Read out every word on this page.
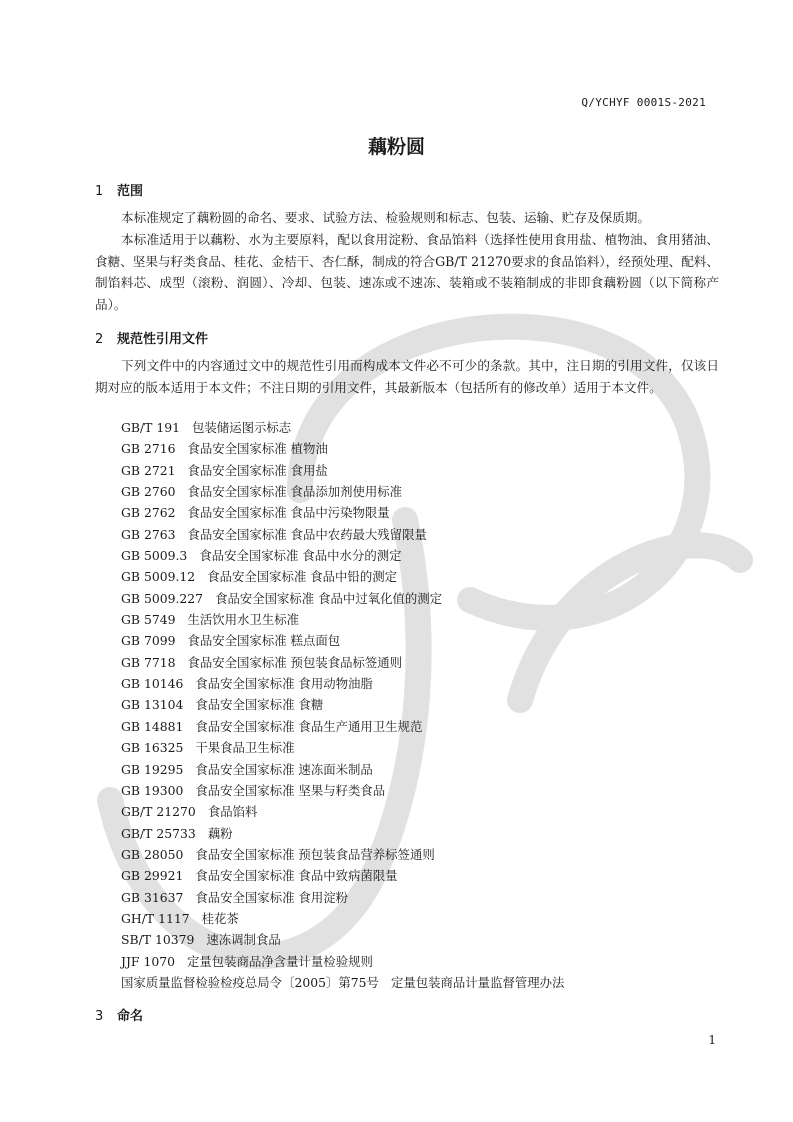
Q/YCHYF 0001S-2021
藕粉圆
1 范围
本标准规定了藕粉圆的命名、要求、试验方法、检验规则和标志、包装、运输、贮存及保质期。
本标准适用于以藕粉、水为主要原料，配以食用淀粉、食品馅料（选择性使用食用盐、植物油、食用猪油、食糖、坚果与籽类食品、桂花、金桔干、杏仁酥，制成的符合GB/T 21270要求的食品馅料），经预处理、配料、制馅料芯、成型（滚粉、润圆）、冷却、包装、速冻或不速冻、装箱或不装箱制成的非即食藕粉圆（以下简称产品）。
2 规范性引用文件
下列文件中的内容通过文中的规范性引用而构成本文件必不可少的条款。其中，注日期的引用文件，仅该日期对应的版本适用于本文件；不注日期的引用文件，其最新版本（包括所有的修改单）适用于本文件。
GB/T 191 包装储运图示标志
GB 2716 食品安全国家标准 植物油
GB 2721 食品安全国家标准 食用盐
GB 2760 食品安全国家标准 食品添加剂使用标准
GB 2762 食品安全国家标准 食品中污染物限量
GB 2763 食品安全国家标准 食品中农药最大残留限量
GB 5009.3 食品安全国家标准 食品中水分的测定
GB 5009.12 食品安全国家标准 食品中铅的测定
GB 5009.227 食品安全国家标准 食品中过氧化值的测定
GB 5749 生活饮用水卫生标准
GB 7099 食品安全国家标准 糕点面包
GB 7718 食品安全国家标准 预包装食品标签通则
GB 10146 食品安全国家标准 食用动物油脂
GB 13104 食品安全国家标准 食糖
GB 14881 食品安全国家标准 食品生产通用卫生规范
GB 16325 干果食品卫生标准
GB 19295 食品安全国家标准 速冻面米制品
GB 19300 食品安全国家标准 坚果与籽类食品
GB/T 21270 食品馅料
GB/T 25733 藕粉
GB 28050 食品安全国家标准 预包装食品营养标签通则
GB 29921 食品安全国家标准 食品中致病菌限量
GB 31637 食品安全国家标准 食用淀粉
GH/T 1117 桂花茶
SB/T 10379 速冻调制食品
JJF 1070 定量包装商品净含量计量检验规则
国家质量监督检验检疫总局令〔2005〕第75号 定量包装商品计量监督管理办法
3 命名
1
